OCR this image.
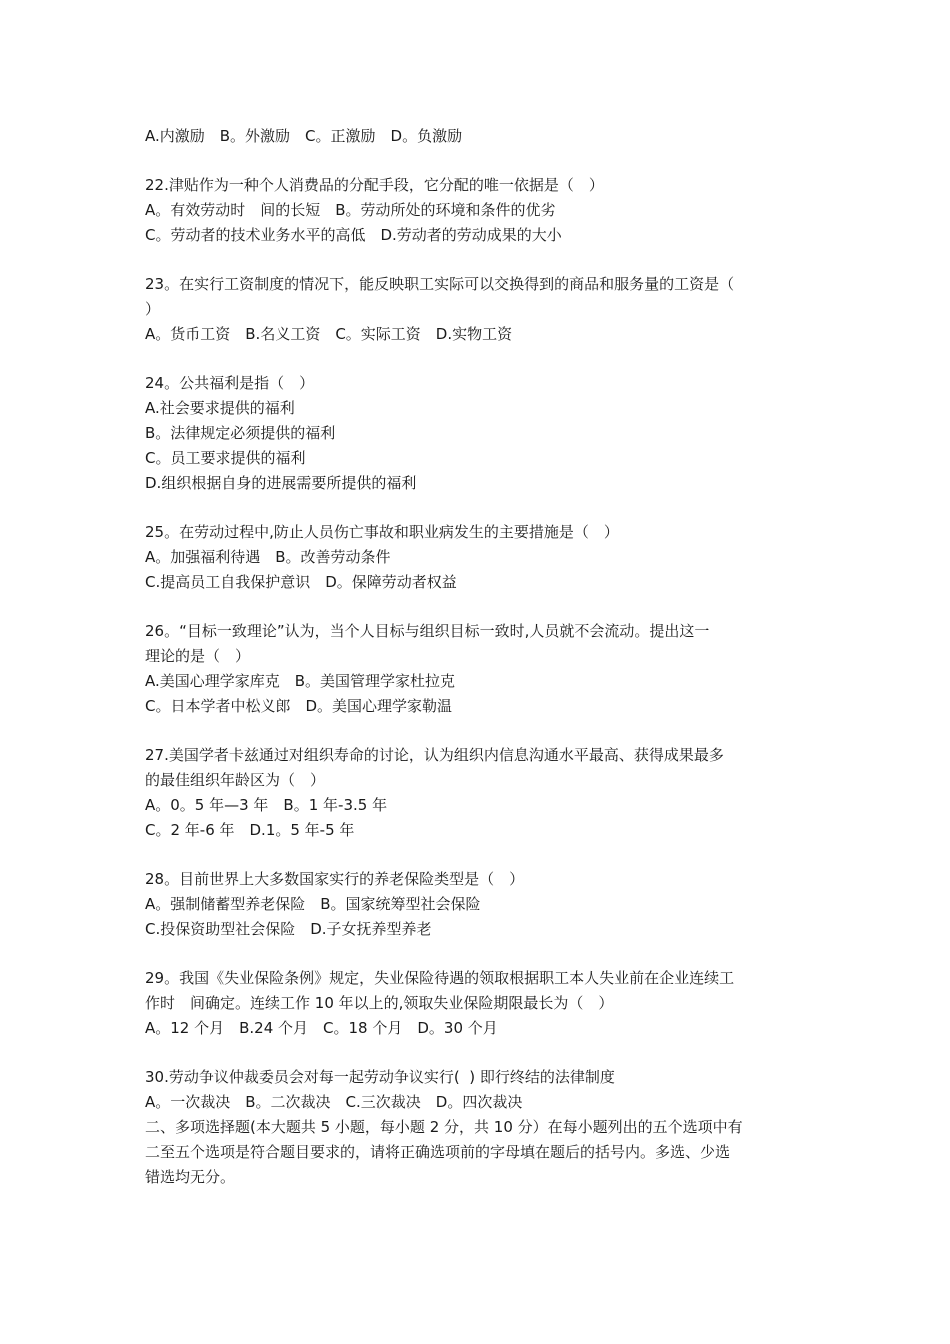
A.内激励　B。外激励　C。正激励　D。负激励

22.津贴作为一种个人消费品的分配手段，它分配的唯一依据是（　）

A。有效劳动时　间的长短　B。劳动所处的环境和条件的优劣

C。劳动者的技术业务水平的高低　D.劳动者的劳动成果的大小

23。在实行工资制度的情况下，能反映职工实际可以交换得到的商品和服务量的工资是（

）

A。货币工资　B.名义工资　C。实际工资　D.实物工资

24。公共福利是指（　）

A.社会要求提供的福利

B。法律规定必须提供的福利

C。员工要求提供的福利

D.组织根据自身的进展需要所提供的福利

25。在劳动过程中,防止人员伤亡事故和职业病发生的主要措施是（　）

A。加强福利待遇　B。改善劳动条件

C.提高员工自我保护意识　D。保障劳动者权益

26。“目标一致理论”认为，当个人目标与组织目标一致时,人员就不会流动。提出这一

理论的是（　）

A.美国心理学家库克　B。美国管理学家杜拉克

C。日本学者中松义郎　D。美国心理学家勒温

27.美国学者卡兹通过对组织寿命的讨论，认为组织内信息沟通水平最高、获得成果最多

的最佳组织年龄区为（　）

A。0。5 年—3 年　B。1 年-3.5 年

C。2 年-6 年　D.1。5 年-5 年

28。目前世界上大多数国家实行的养老保险类型是（　）

A。强制储蓄型养老保险　B。国家统筹型社会保险

C.投保资助型社会保险　D.子女抚养型养老

29。我国《失业保险条例》规定，失业保险待遇的领取根据职工本人失业前在企业连续工

作时　间确定。连续工作 10 年以上的,领取失业保险期限最长为（　）

A。12 个月　B.24 个月　C。18 个月　D。30 个月

30.劳动争议仲裁委员会对每一起劳动争议实行(  ) 即行终结的法律制度

A。一次裁决　B。二次裁决　C.三次裁决　D。四次裁决

二、多项选择题(本大题共 5 小题，每小题 2 分，共 10 分）在每小题列出的五个选项中有

二至五个选项是符合题目要求的，请将正确选项前的字母填在题后的括号内。多选、少选

错选均无分。
